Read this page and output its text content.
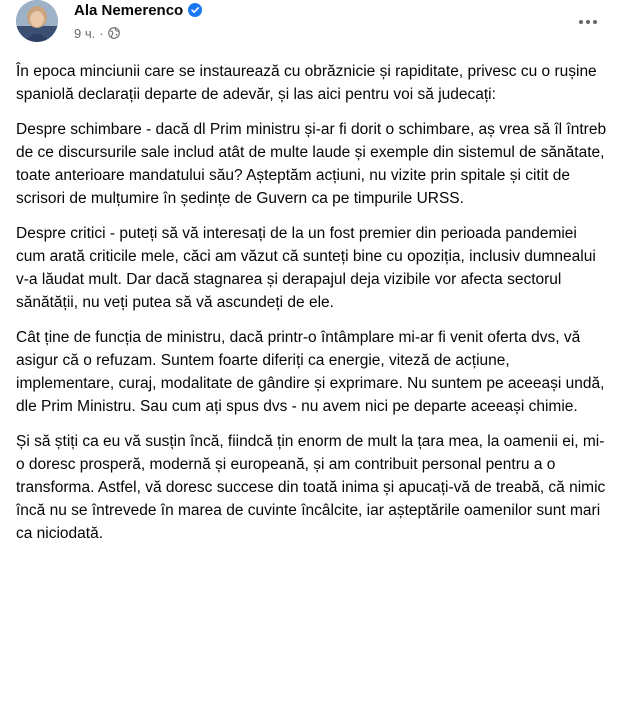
Ala Nemerenco
9 ч. ·

În epoca minciunii care se instaurează cu obrăznicie și rapiditate, privesc cu o rușine spaniolă declarații departe de adevăr, și las aici pentru voi să judecați:

Despre schimbare - dacă dl Prim ministru și-ar fi dorit o schimbare, aș vrea să îl întreb de ce discursurile sale includ atât de multe laude și exemple din sistemul de sănătate, toate anterioare mandatului său? Așteptăm acțiuni, nu vizite prin spitale și citit de scrisori de mulțumire în ședințe de Guvern ca pe timpurile URSS.

Despre critici - puteți să vă interesați de la un fost premier din perioada pandemiei cum arată criticile mele, căci am văzut că sunteți bine cu opoziția, inclusiv dumnealui v-a lăudat mult. Dar dacă stagnarea și derapajul deja vizibile vor afecta sectorul sănătății, nu veți putea să vă ascundeți de ele.

Cât ține de funcția de ministru, dacă printr-o întâmplare mi-ar fi venit oferta dvs, vă asigur că o refuzam. Suntem foarte diferiți ca energie, viteză de acțiune, implementare, curaj, modalitate de gândire și exprimare. Nu suntem pe aceeași undă, dle Prim Ministru. Sau cum ați spus dvs - nu avem nici pe departe aceeași chimie.

Și să știți ca eu vă susțin încă, fiindcă țin enorm de mult la țara mea, la oamenii ei, mi-o doresc prosperă, modernă și europeană, și am contribuit personal pentru a o transforma. Astfel, vă doresc succese din toată inima și apucați-vă de treabă, că nimic încă nu se întrevede în marea de cuvinte încâlcite, iar așteptările oamenilor sunt mari ca niciodată.
